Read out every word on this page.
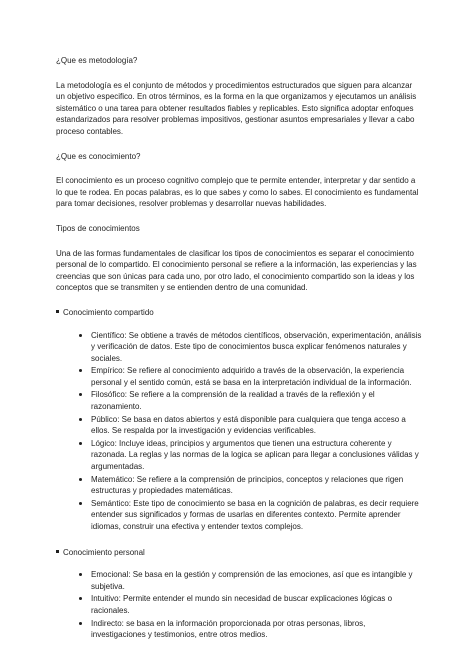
¿Que es metodología?
La metodología es el conjunto de métodos y procedimientos estructurados que siguen para alcanzar un objetivo especifico. En otros términos, es la forma en la que organizamos y ejecutamos un análisis sistemático o una tarea para obtener resultados fiables y replicables. Esto significa adoptar enfoques estandarizados para resolver problemas impositivos, gestionar asuntos empresariales y llevar a cabo proceso contables.
¿Que es conocimiento?
El conocimiento es un proceso cognitivo complejo que te permite entender, interpretar y dar sentido a lo que te rodea. En pocas palabras, es lo que sabes y como lo sabes. El conocimiento es fundamental para tomar decisiones, resolver problemas y desarrollar nuevas habilidades.
Tipos de conocimientos
Una de las formas fundamentales de clasificar los tipos de conocimientos es separar el conocimiento personal de lo compartido. El conocimiento personal se refiere a la información, las experiencias y las creencias que son únicas para cada uno, por otro lado, el conocimiento compartido son la ideas y los conceptos que se transmiten y se entienden dentro de una comunidad.
Conocimiento compartido
Científico: Se obtiene a través de métodos científicos, observación, experimentación, análisis y verificación de datos. Este tipo de conocimientos busca explicar fenómenos naturales y sociales.
Empírico: Se refiere al conocimiento adquirido a través de la observación, la experiencia personal y el sentido común, está se basa en la interpretación individual de la información.
Filosófico: Se refiere a la comprensión de la realidad a través de la reflexión y el razonamiento.
Público: Se basa en datos abiertos y está disponible para cualquiera que tenga acceso a ellos. Se respalda por la investigación y evidencias verificables.
Lógico: Incluye ideas, principios y argumentos que tienen una estructura coherente y razonada. La reglas y las normas de la logica se aplican para llegar a conclusiones válidas y argumentadas.
Matemático: Se refiere a la comprensión de principios, conceptos y relaciones que rigen estructuras y propiedades matemáticas.
Semántico: Este tipo de conocimiento se basa en la cognición de palabras, es decir requiere entender sus significados y formas de usarlas en diferentes contexto. Permite aprender idiomas, construir una efectiva y entender textos complejos.
Conocimiento personal
Emocional: Se basa en la gestión y comprensión de las emociones, así que es intangible y subjetiva.
Intuitivo: Permite entender el mundo sin necesidad de buscar explicaciones lógicas o racionales.
Indirecto: se basa en la información proporcionada por otras personas, libros, investigaciones y testimonios, entre otros medios.
